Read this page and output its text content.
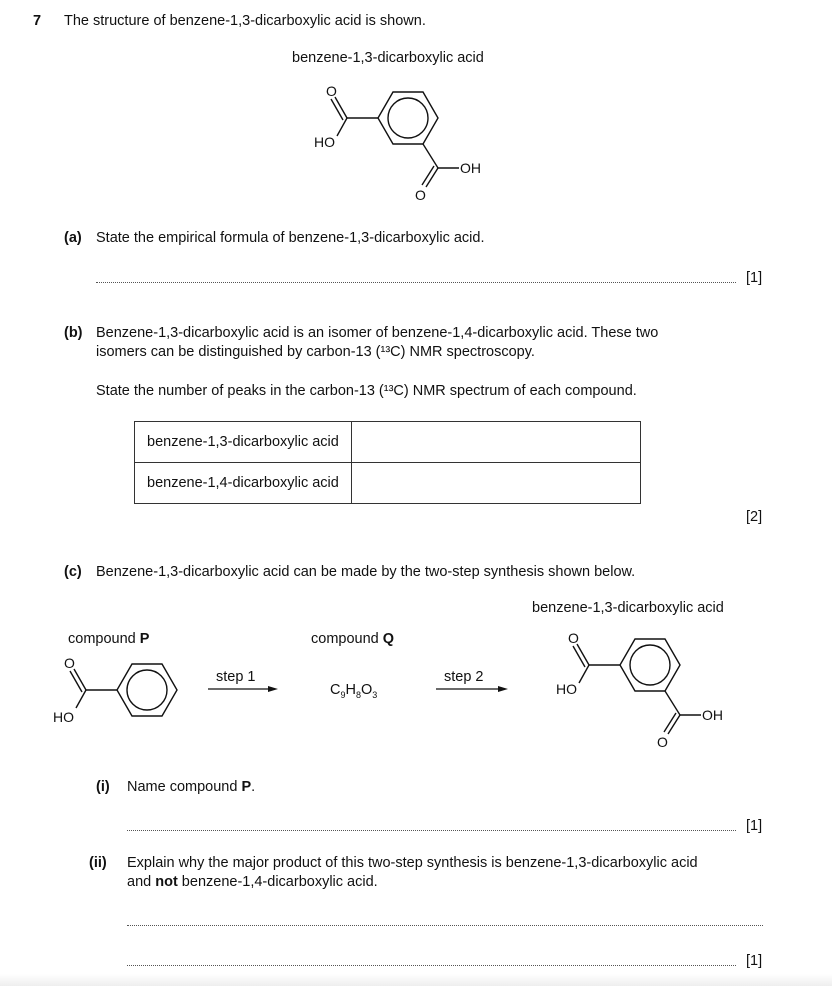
7 The structure of benzene-1,3-dicarboxylic acid is shown.
benzene-1,3-dicarboxylic acid
O
HO
OH
O
O
HO
O
HO
OH
O
(a) State the empirical formula of benzene-1,3-dicarboxylic acid.
[1]
(b) Benzene-1,3-dicarboxylic acid is an isomer of benzene-1,4-dicarboxylic acid. These two
isomers can be distinguished by carbon-13 (¹³C) NMR spectroscopy.
State the number of peaks in the carbon-13 (¹³C) NMR spectrum of each compound.
benzene-1,3-dicarboxylic acid	
benzene-1,4-dicarboxylic acid	
[2]
(c) Benzene-1,3-dicarboxylic acid can be made by the two-step synthesis shown below.
benzene-1,3-dicarboxylic acid
compound P	compound Q
step 1	step 2
$C_9H_8O_3$
(i) Name compound P.
[1]
(ii) Explain why the major product of this two-step synthesis is benzene-1,3-dicarboxylic acid
and not benzene-1,4-dicarboxylic acid.
[1]
